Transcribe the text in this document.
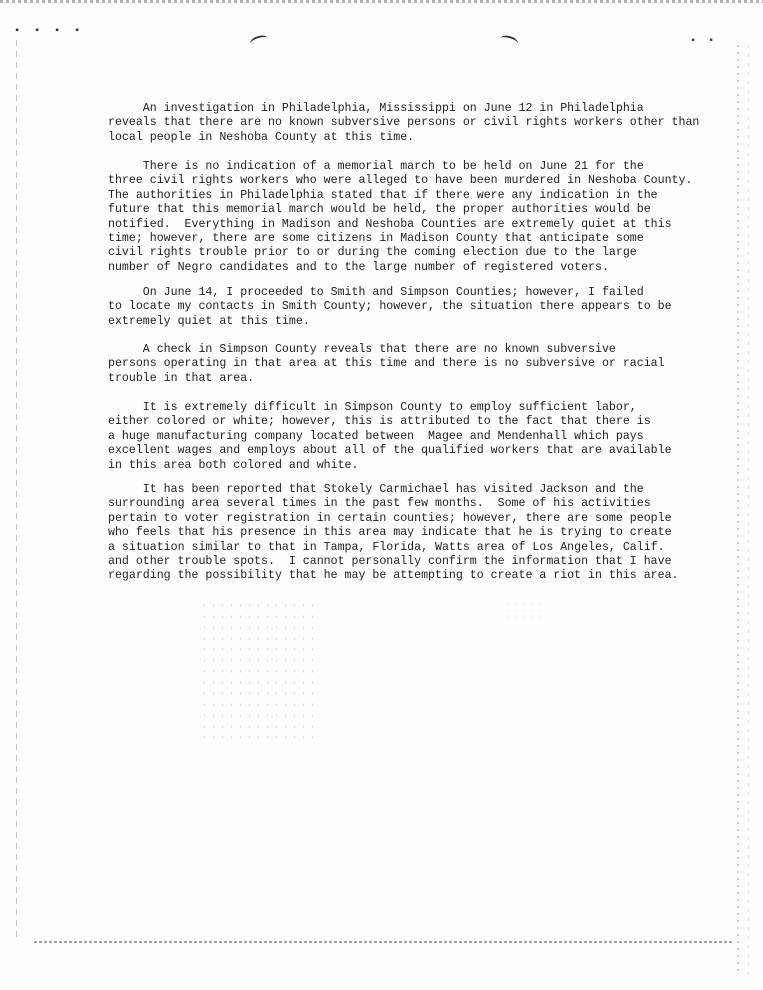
▪ ▪ ▪ ▪
▪ ▪

An investigation in Philadelphia, Mississippi on June 12 in Philadelphia
reveals that there are no known subversive persons or civil rights workers other than
local people in Neshoba County at this time.

There is no indication of a memorial march to be held on June 21 for the
three civil rights workers who were alleged to have been murdered in Neshoba County.
The authorities in Philadelphia stated that if there were any indication in the
future that this memorial march would be held, the proper authorities would be
notified.  Everything in Madison and Neshoba Counties are extremely quiet at this
time; however, there are some citizens in Madison County that anticipate some
civil rights trouble prior to or during the coming election due to the large
number of Negro candidates and to the large number of registered voters.

On June 14, I proceeded to Smith and Simpson Counties; however, I failed
to locate my contacts in Smith County; however, the situation there appears to be
extremely quiet at this time.

A check in Simpson County reveals that there are no known subversive
persons operating in that area at this time and there is no subversive or racial
trouble in that area.

It is extremely difficult in Simpson County to employ sufficient labor,
either colored or white; however, this is attributed to the fact that there is
a huge manufacturing company located between  Magee and Mendenhall which pays
excellent wages and employs about all of the qualified workers that are available
in this area both colored and white.

It has been reported that Stokely Carmichael has visited Jackson and the
surrounding area several times in the past few months.  Some of his activities
pertain to voter registration in certain counties; however, there are some people
who feels that his presence in this area may indicate that he is trying to create
a situation similar to that in Tampa, Florida, Watts area of Los Angeles, Calif.
and other trouble spots.  I cannot personally confirm the information that I have
regarding the possibility that he may be attempting to create a riot in this area.
